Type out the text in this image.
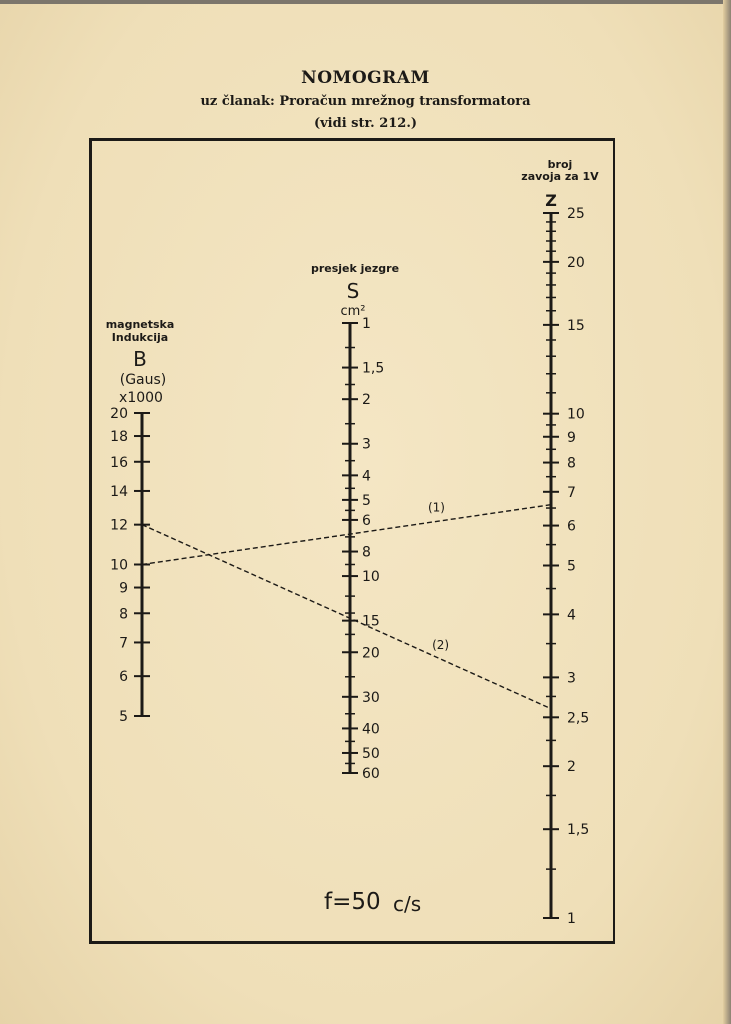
NOMOGRAM
uz članak: Proračun mrežnog transformatora
(vidi str. 212.)
magnetska
Indukcija
B
(Gaus)
x1000
presjek jezgre
S
cm²
broj
zavoja za 1V
Z
20
18
16
14
12
10
9
8
7
6
5
1
1,5
2
3
4
5
6
8
10
15
20
30
40
50
60
25
20
15
10
9
8
7
6
5
4
3
2,5
2
1,5
1
(1)
(2)
f=50 c/s
